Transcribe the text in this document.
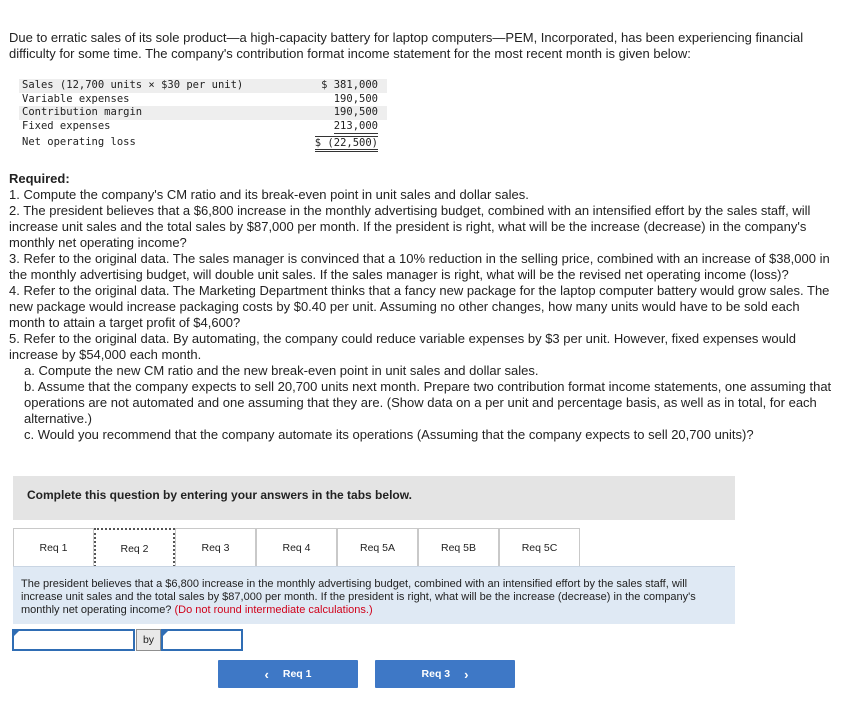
Due to erratic sales of its sole product—a high-capacity battery for laptop computers—PEM, Incorporated, has been experiencing financial difficulty for some time. The company's contribution format income statement for the most recent month is given below:
Sales (12,700 units × $30 per unit)	$ 381,000
Variable expenses	190,500
Contribution margin	190,500
Fixed expenses	213,000
Net operating loss	$ (22,500)

Required:

1. Compute the company's CM ratio and its break-even point in unit sales and dollar sales.

2. The president believes that a $6,800 increase in the monthly advertising budget, combined with an intensified effort by the sales staff, will increase unit sales and the total sales by $87,000 per month. If the president is right, what will be the increase (decrease) in the company's monthly net operating income?

3. Refer to the original data. The sales manager is convinced that a 10% reduction in the selling price, combined with an increase of $38,000 in the monthly advertising budget, will double unit sales. If the sales manager is right, what will be the revised net operating income (loss)?

4. Refer to the original data. The Marketing Department thinks that a fancy new package for the laptop computer battery would grow sales. The new package would increase packaging costs by $0.40 per unit. Assuming no other changes, how many units would have to be sold each month to attain a target profit of $4,600?

5. Refer to the original data. By automating, the company could reduce variable expenses by $3 per unit. However, fixed expenses would increase by $54,000 each month.

a. Compute the new CM ratio and the new break-even point in unit sales and dollar sales.

b. Assume that the company expects to sell 20,700 units next month. Prepare two contribution format income statements, one assuming that operations are not automated and one assuming that they are. (Show data on a per unit and percentage basis, as well as in total, for each alternative.)

c. Would you recommend that the company automate its operations (Assuming that the company expects to sell 20,700 units)?

Complete this question by entering your answers in the tabs below.
Req 1	Req 2	Req 3	Req 4	Req 5A	Req 5B	Req 5C

The president believes that a $6,800 increase in the monthly advertising budget, combined with an intensified effort by the sales staff, will increase unit sales and the total sales by $87,000 per month. If the president is right, what will be the increase (decrease) in the company's monthly net operating income? (Do not round intermediate calculations.)

by
‹ Req 1	Req 3 ›
